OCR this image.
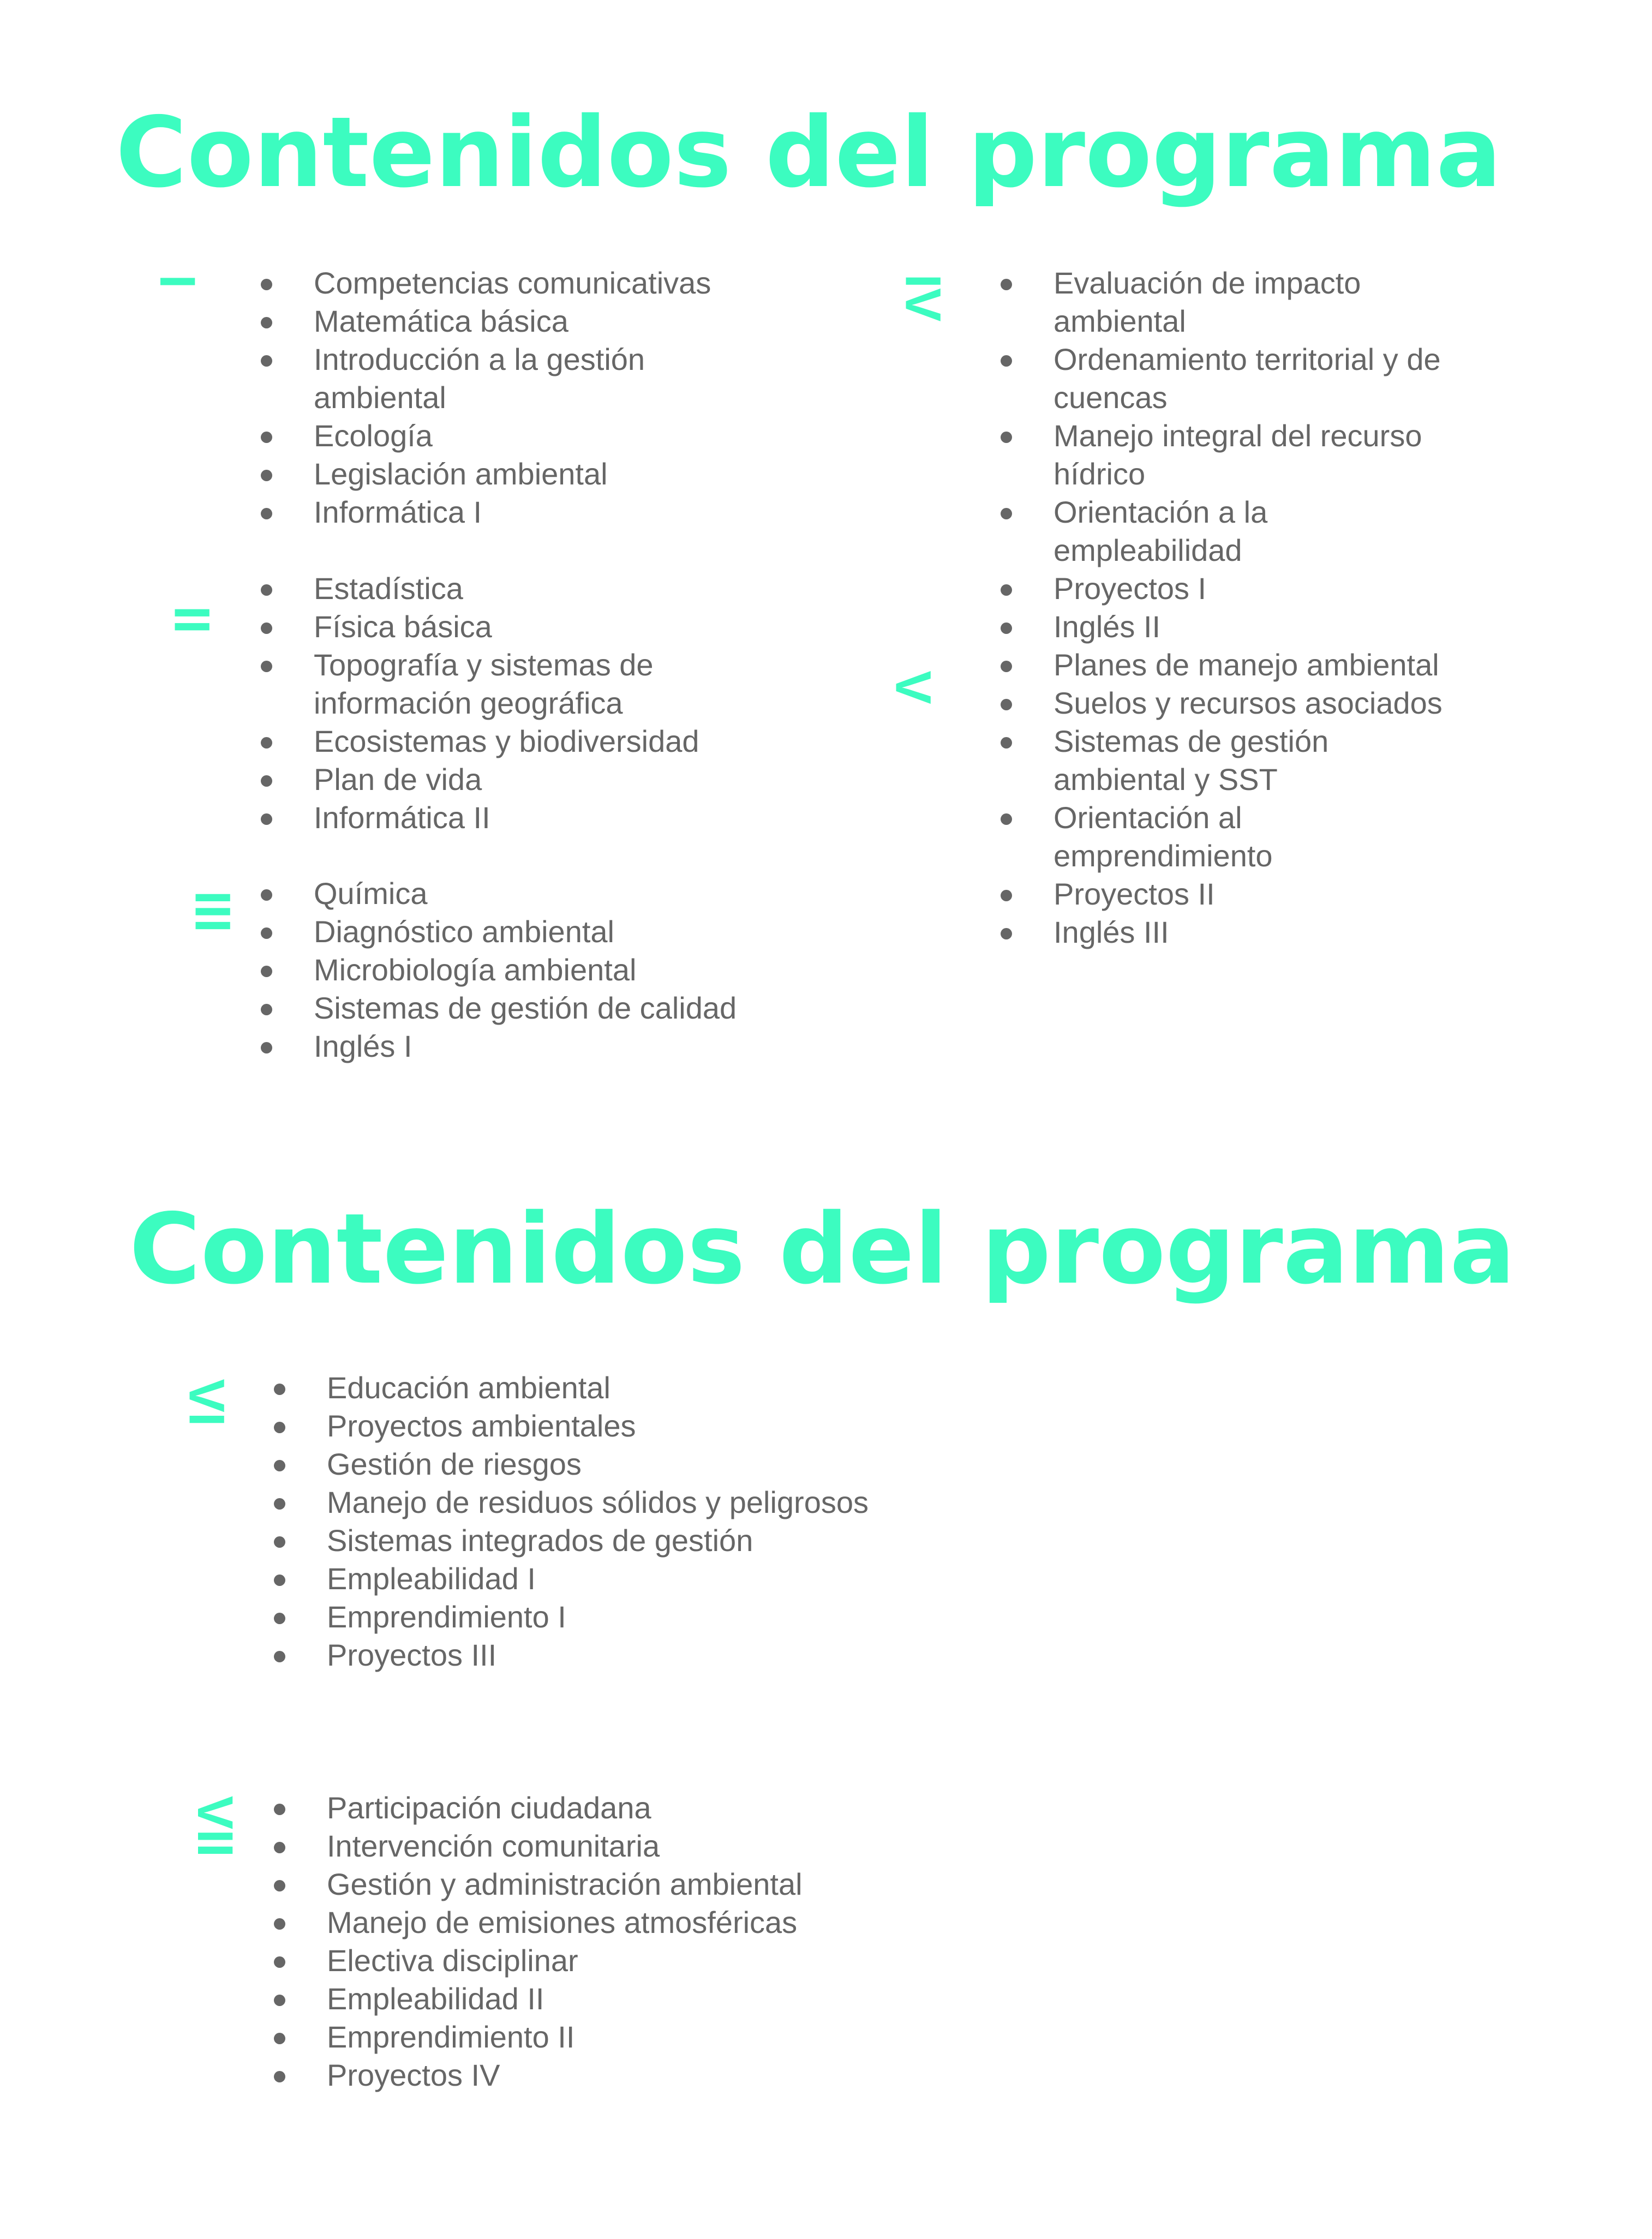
Contenidos del programa
I	Competencias comunicativas
Matemática básica
Introducción a la gestión ambiental
Ecología
Legislación ambiental
Informática I
II
Estadística
Física básica
Topografía y sistemas de información geográfica
Ecosistemas y biodiversidad
Plan de vida
Informática II
III	Química
Diagnóstico ambiental
Microbiología ambiental
Sistemas de gestión de calidad
Inglés I
IV	Evaluación de impacto ambiental
Ordenamiento territorial y de cuencas
Manejo integral del recurso hídrico
Orientación a la empleabilidad
Proyectos I
Inglés II
V
Planes de manejo ambiental
Suelos y recursos asociados
Sistemas de gestión ambiental y SST
Orientación al emprendimiento
Proyectos II
Inglés III
Contenidos del programa
VI	Educación ambiental
Proyectos ambientales
Gestión de riesgos
Manejo de residuos sólidos y peligrosos
Sistemas integrados de gestión
Empleabilidad I
Emprendimiento I
Proyectos III
VII	Participación ciudadana
Intervención comunitaria
Gestión y administración ambiental
Manejo de emisiones atmosféricas
Electiva disciplinar
Empleabilidad II
Emprendimiento II
Proyectos IV
